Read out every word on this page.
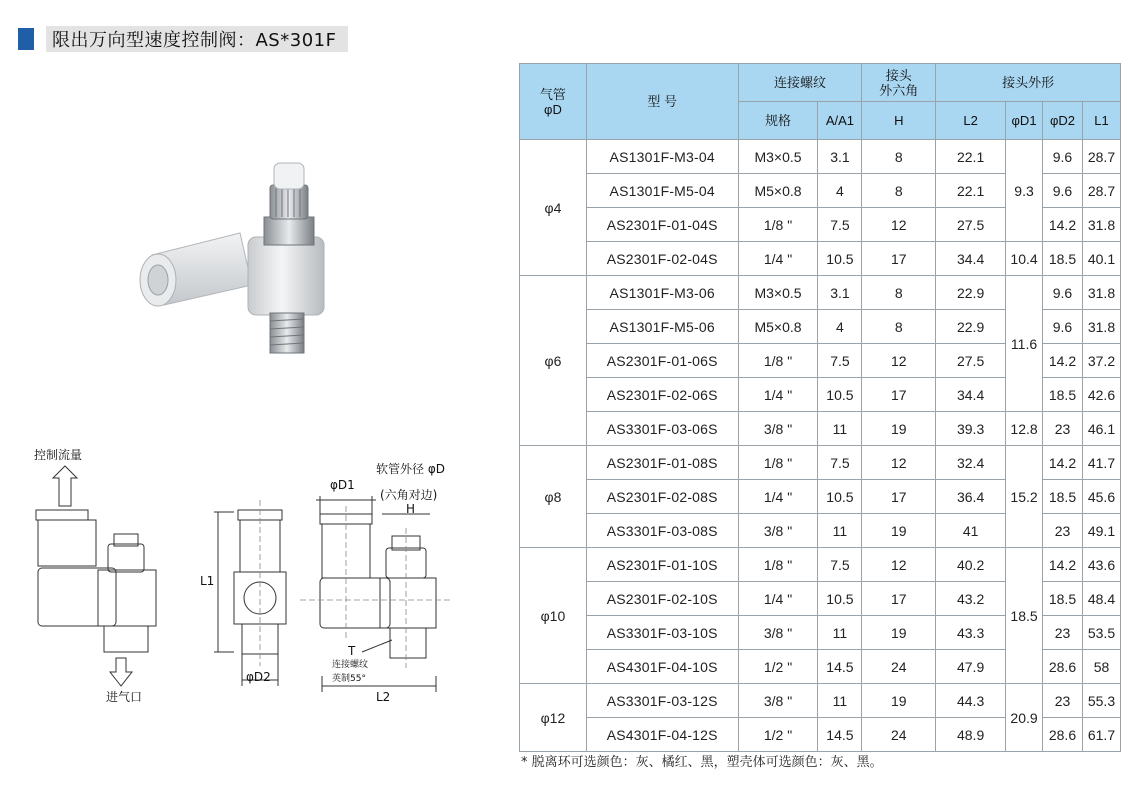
限出万向型速度控制阀：AS*301F
控制流量
进气口
软管外径 φD
φD1
(六角对边)
H
L1
φD2
T
连接螺纹
英制55°
L2
气管
φD	型 号	连接螺纹		接头
外六角	接头外形			
		规格	A/A1	H	L2	φD1	φD2	L1
φ4	AS1301F-M3-04	M3×0.5	3.1	8	22.1	9.3	9.6	28.7
	AS1301F-M5-04	M5×0.8	4	8	22.1		9.6	28.7
	AS2301F-01-04S	1/8 "	7.5	12	27.5		14.2	31.8
	AS2301F-02-04S	1/4 "	10.5	17	34.4	10.4	18.5	40.1
φ6	AS1301F-M3-06	M3×0.5	3.1	8	22.9	11.6	9.6	31.8
	AS1301F-M5-06	M5×0.8	4	8	22.9		9.6	31.8
	AS2301F-01-06S	1/8 "	7.5	12	27.5		14.2	37.2
	AS2301F-02-06S	1/4 "	10.5	17	34.4		18.5	42.6
	AS3301F-03-06S	3/8 "	11	19	39.3	12.8	23	46.1
φ8	AS2301F-01-08S	1/8 "	7.5	12	32.4	15.2	14.2	41.7
	AS2301F-02-08S	1/4 "	10.5	17	36.4		18.5	45.6
	AS3301F-03-08S	3/8 "	11	19	41		23	49.1
φ10	AS2301F-01-10S	1/8 "	7.5	12	40.2	18.5	14.2	43.6
	AS2301F-02-10S	1/4 "	10.5	17	43.2		18.5	48.4
	AS3301F-03-10S	3/8 "	11	19	43.3		23	53.5
	AS4301F-04-10S	1/2 "	14.5	24	47.9		28.6	58
φ12	AS3301F-03-12S	3/8 "	11	19	44.3	20.9	23	55.3
	AS4301F-04-12S	1/2 "	14.5	24	48.9		28.6	61.7
* 脱离环可选颜色：灰、橘红、黑，塑壳体可选颜色：灰、黑。
